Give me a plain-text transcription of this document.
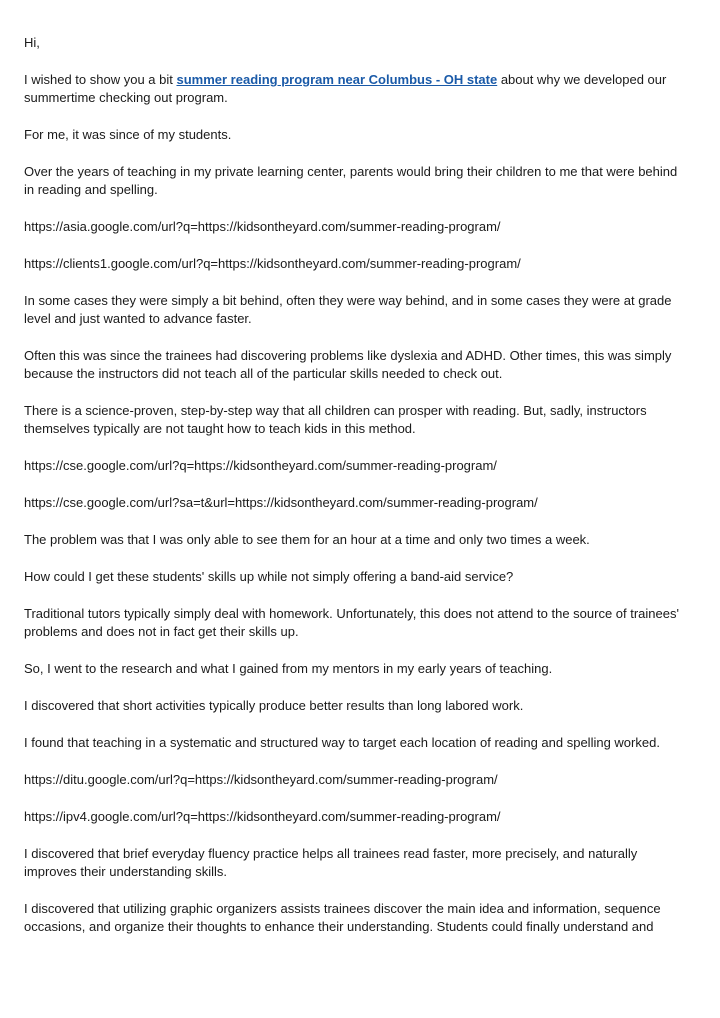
Hi,

I wished to show you a bit summer reading program near Columbus - OH state about why we developed our summertime checking out program.

For me, it was since of my students.

Over the years of teaching in my private learning center, parents would bring their children to me that were behind in reading and spelling.

https://asia.google.com/url?q=https://kidsontheyard.com/summer-reading-program/

https://clients1.google.com/url?q=https://kidsontheyard.com/summer-reading-program/

In some cases they were simply a bit behind, often they were way behind, and in some cases they were at grade level and just wanted to advance faster.

Often this was since the trainees had discovering problems like dyslexia and ADHD. Other times, this was simply because the instructors did not teach all of the particular skills needed to check out.

There is a science-proven, step-by-step way that all children can prosper with reading. But, sadly, instructors themselves typically are not taught how to teach kids in this method.

https://cse.google.com/url?q=https://kidsontheyard.com/summer-reading-program/

https://cse.google.com/url?sa=t&url=https://kidsontheyard.com/summer-reading-program/

The problem was that I was only able to see them for an hour at a time and only two times a week.

How could I get these students' skills up while not simply offering a band-aid service?

Traditional tutors typically simply deal with homework. Unfortunately, this does not attend to the source of trainees' problems and does not in fact get their skills up.

So, I went to the research and what I gained from my mentors in my early years of teaching.

I discovered that short activities typically produce better results than long labored work.

I found that teaching in a systematic and structured way to target each location of reading and spelling worked.

https://ditu.google.com/url?q=https://kidsontheyard.com/summer-reading-program/

https://ipv4.google.com/url?q=https://kidsontheyard.com/summer-reading-program/

I discovered that brief everyday fluency practice helps all trainees read faster, more precisely, and naturally improves their understanding skills.

I discovered that utilizing graphic organizers assists trainees discover the main idea and information, sequence occasions, and organize their thoughts to enhance their understanding. Students could finally understand and
